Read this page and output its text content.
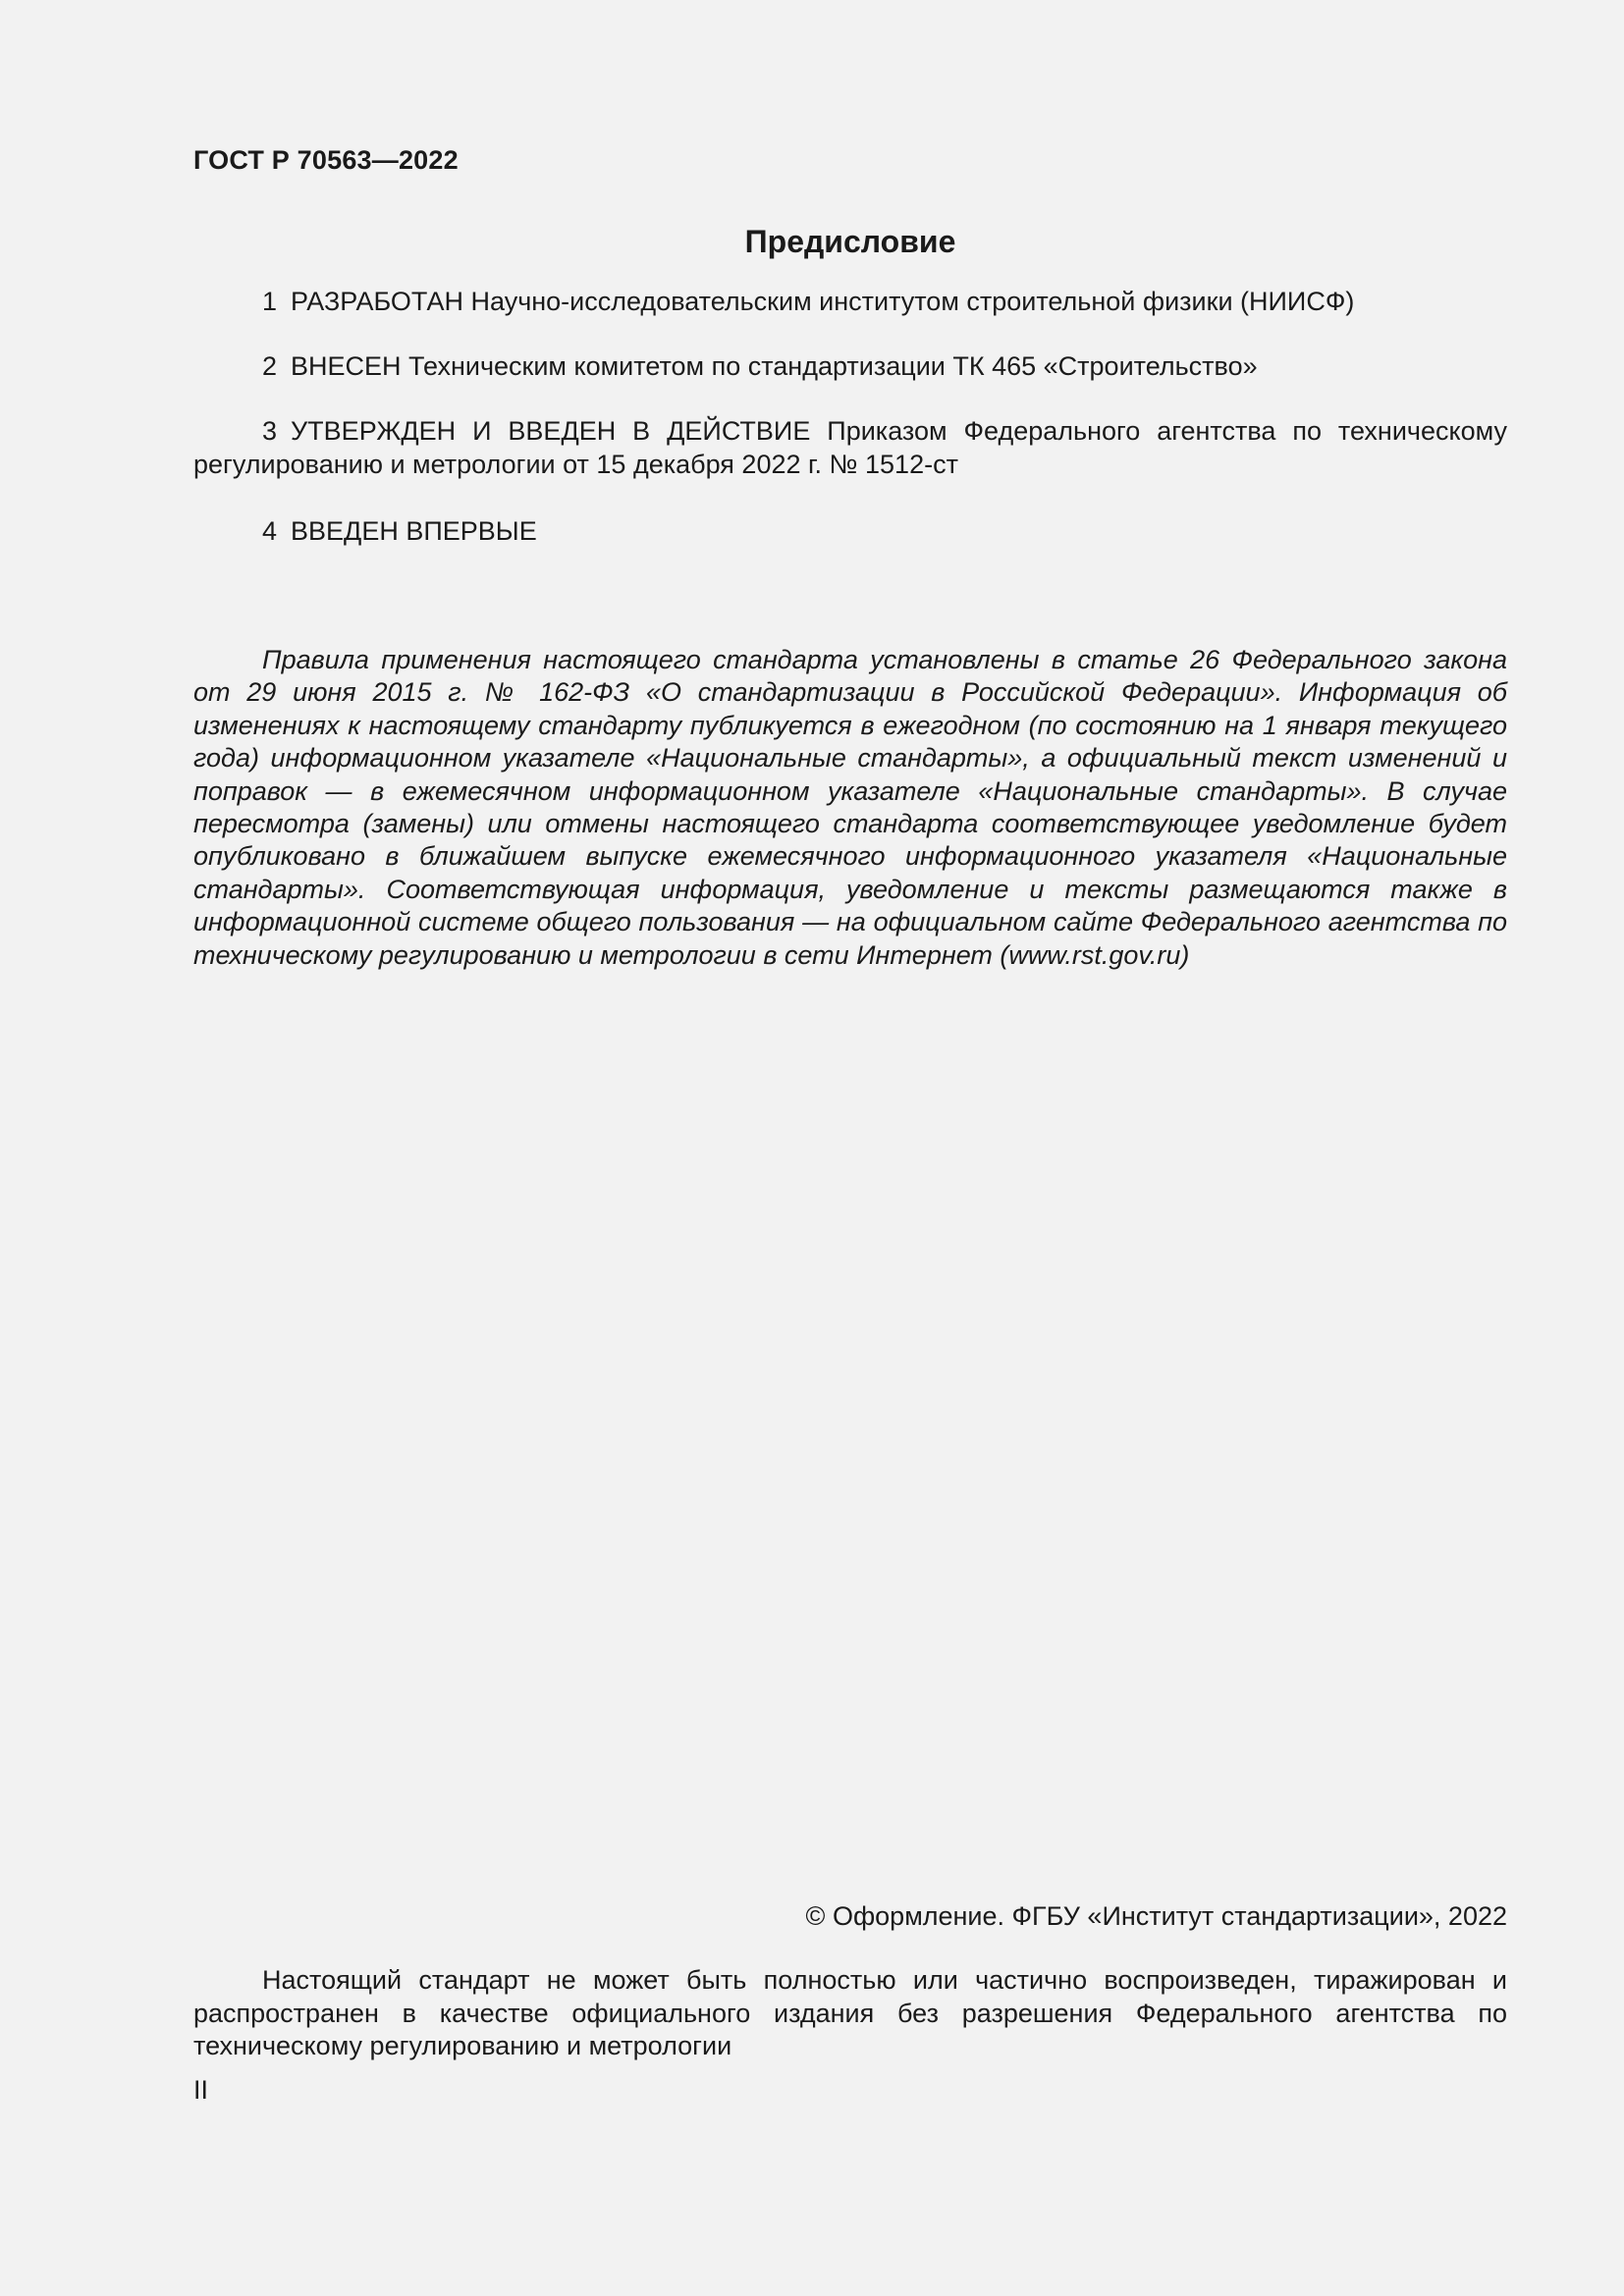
ГОСТ Р 70563—2022
Предисловие

1 РАЗРАБОТАН Научно-исследовательским институтом строительной физики (НИИСФ)

2 ВНЕСЕН Техническим комитетом по стандартизации ТК 465 «Строительство»

3 УТВЕРЖДЕН И ВВЕДЕН В ДЕЙСТВИЕ Приказом Федерального агентства по техническому регулированию и метрологии от 15 декабря 2022 г. № 1512-ст

4 ВВЕДЕН ВПЕРВЫЕ

Правила применения настоящего стандарта установлены в статье 26 Федерального закона от 29 июня 2015 г. № 162-ФЗ «О стандартизации в Российской Федерации». Информация об изменениях к настоящему стандарту публикуется в ежегодном (по состоянию на 1 января текущего года) информационном указателе «Национальные стандарты», а официальный текст изменений и поправок — в ежемесячном информационном указателе «Национальные стандарты». В случае пересмотра (замены) или отмены настоящего стандарта соответствующее уведомление будет опубликовано в ближайшем выпуске ежемесячного информационного указателя «Национальные стандарты». Соответствующая информация, уведомление и тексты размещаются также в информационной системе общего пользования — на официальном сайте Федерального агентства по техническому регулированию и метрологии в сети Интернет (www.rst.gov.ru)

© Оформление. ФГБУ «Институт стандартизации», 2022

Настоящий стандарт не может быть полностью или частично воспроизведен, тиражирован и распространен в качестве официального издания без разрешения Федерального агентства по техническому регулированию и метрологии

II
